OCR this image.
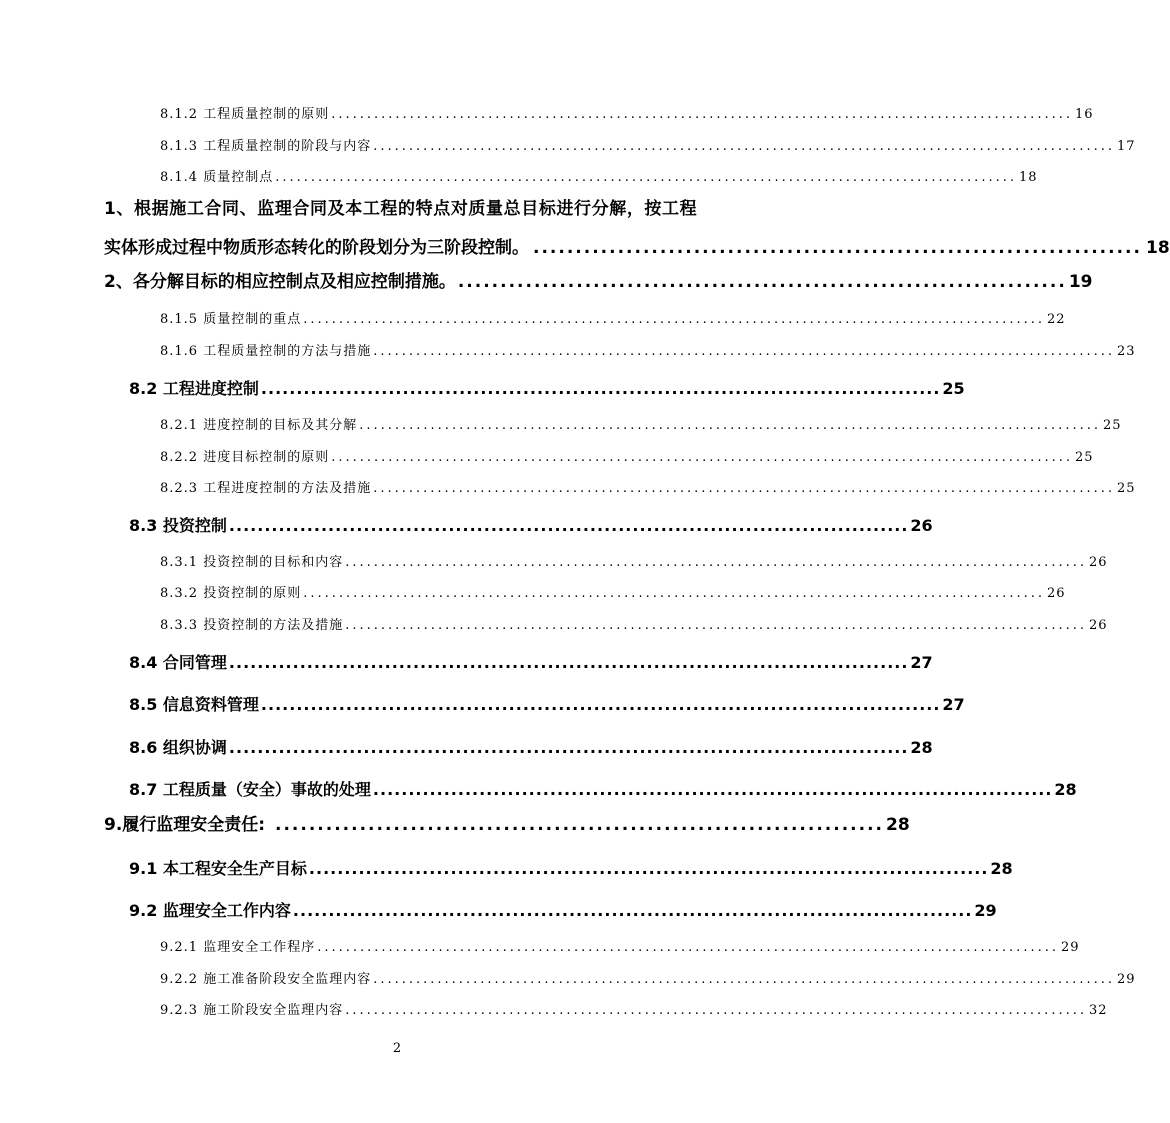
8.1.2 工程质量控制的原则 ........................................................................................................ 16
8.1.3 工程质量控制的阶段与内容 ........................................................................................................ 17
8.1.4 质量控制点 ........................................................................................................ 18
1、根据施工合同、监理合同及本工程的特点对质量总目标进行分解，按工程
实体形成过程中物质形态转化的阶段划分为三阶段控制。 ........................................................................ 18
2、各分解目标的相应控制点及相应控制措施。 ........................................................................ 19
8.1.5 质量控制的重点 ........................................................................................................ 22
8.1.6 工程质量控制的方法与措施 ........................................................................................................ 23
8.2 工程进度控制 ................................................................................................ 25
8.2.1 进度控制的目标及其分解 ........................................................................................................ 25
8.2.2 进度目标控制的原则 ........................................................................................................ 25
8.2.3 工程进度控制的方法及措施 ........................................................................................................ 25
8.3 投资控制 ................................................................................................ 26
8.3.1 投资控制的目标和内容 ........................................................................................................ 26
8.3.2 投资控制的原则 ........................................................................................................ 26
8.3.3 投资控制的方法及措施 ........................................................................................................ 26
8.4 合同管理 ................................................................................................ 27
8.5 信息资料管理 ................................................................................................ 27
8.6 组织协调 ................................................................................................ 28
8.7 工程质量（安全）事故的处理 ................................................................................................ 28
9.履行监理安全责任: ........................................................................ 28
9.1 本工程安全生产目标 ................................................................................................ 28
9.2 监理安全工作内容 ................................................................................................ 29
9.2.1 监理安全工作程序 ........................................................................................................ 29
9.2.2 施工准备阶段安全监理内容 ........................................................................................................ 29
9.2.3 施工阶段安全监理内容 ........................................................................................................ 32
2
